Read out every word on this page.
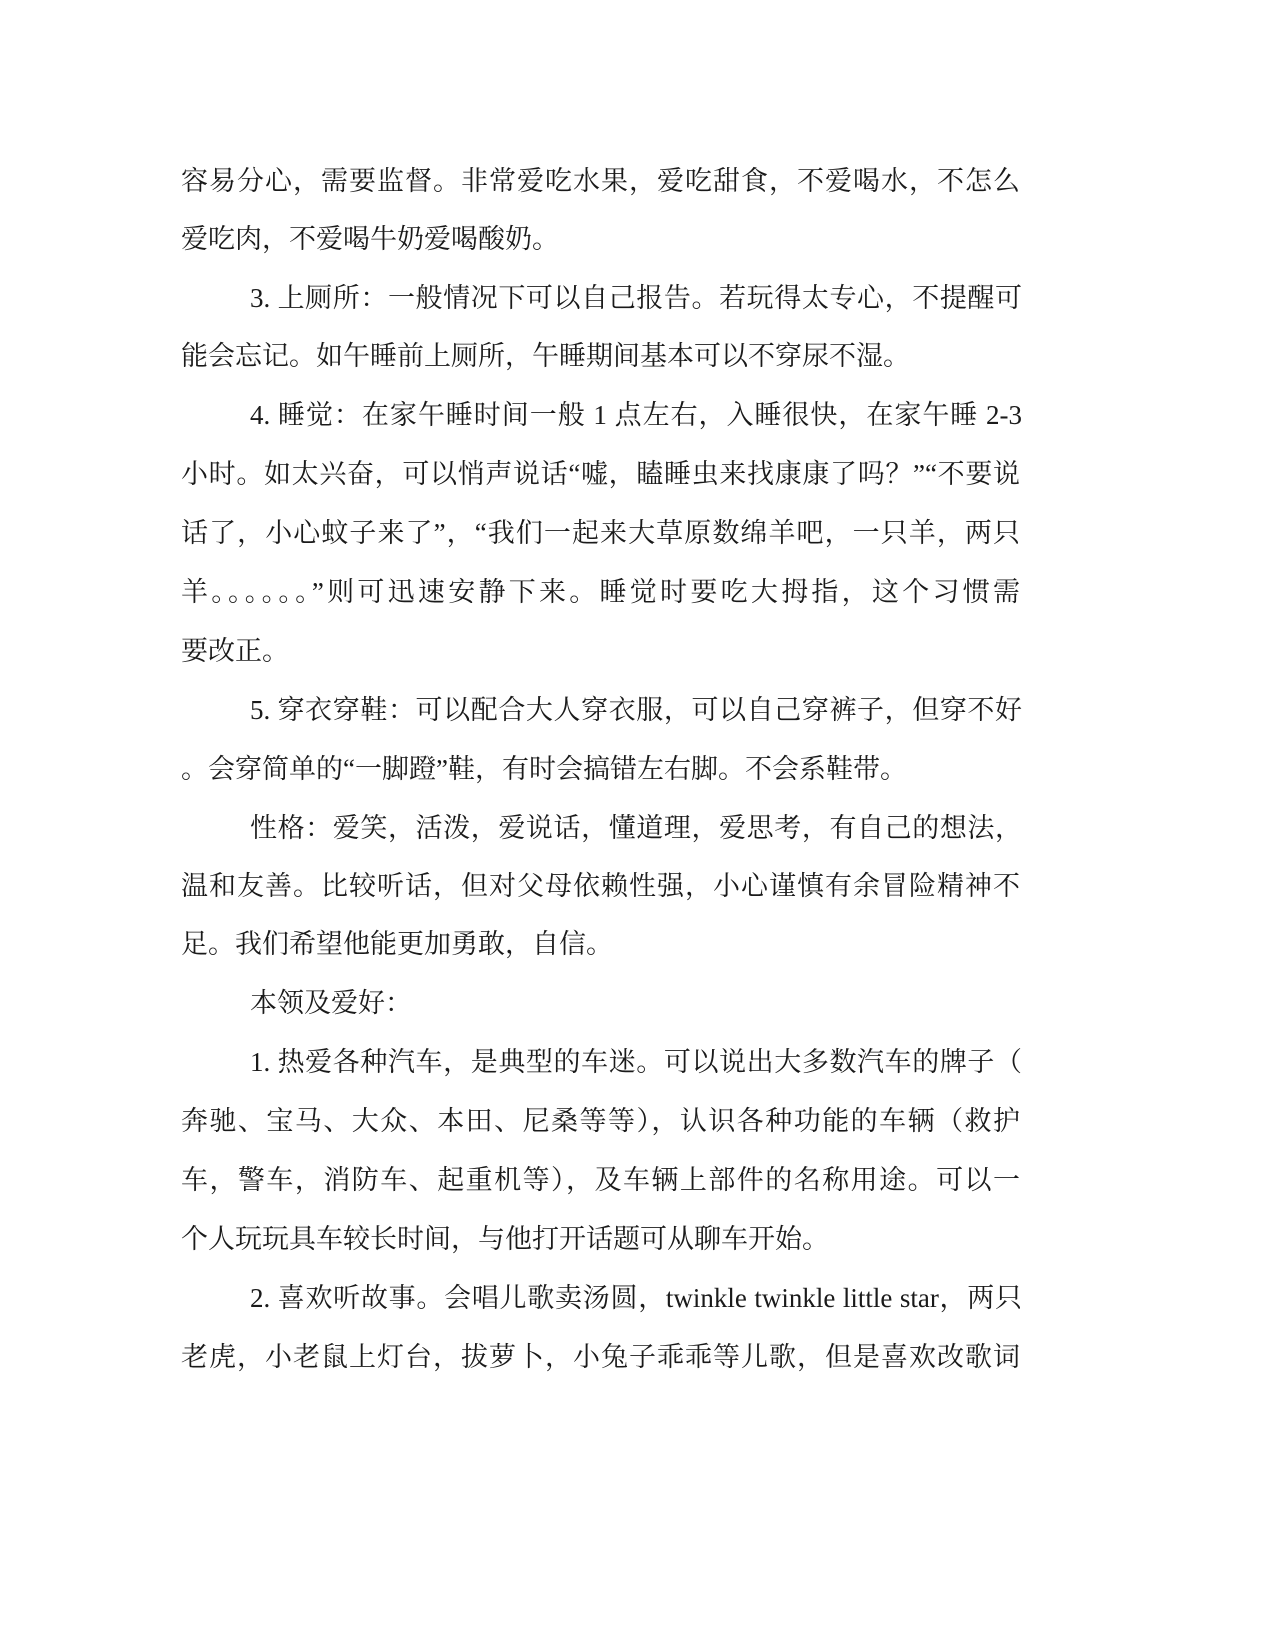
容易分心，需要监督。非常爱吃水果，爱吃甜食，不爱喝水，不怎么
爱吃肉，不爱喝牛奶爱喝酸奶。
3. 上厕所：一般情况下可以自己报告。若玩得太专心，不提醒可
能会忘记。如午睡前上厕所，午睡期间基本可以不穿尿不湿。
4. 睡觉：在家午睡时间一般 1 点左右，入睡很快，在家午睡 2-3
小时。如太兴奋，可以悄声说话“嘘，瞌睡虫来找康康了吗？”“不要说
话了，小心蚊子来了”，“我们一起来大草原数绵羊吧，一只羊，两只
羊。。。。。。”则可迅速安静下来。睡觉时要吃大拇指，这个习惯需
要改正。
5. 穿衣穿鞋：可以配合大人穿衣服，可以自己穿裤子，但穿不好
。会穿简单的“一脚蹬”鞋，有时会搞错左右脚。不会系鞋带。
性格：爱笑，活泼，爱说话，懂道理，爱思考，有自己的想法，
温和友善。比较听话，但对父母依赖性强，小心谨慎有余冒险精神不
足。我们希望他能更加勇敢，自信。
本领及爱好：
1. 热爱各种汽车，是典型的车迷。可以说出大多数汽车的牌子（
奔驰、宝马、大众、本田、尼桑等等），认识各种功能的车辆（救护
车，警车，消防车、起重机等），及车辆上部件的名称用途。可以一
个人玩玩具车较长时间，与他打开话题可从聊车开始。
2. 喜欢听故事。会唱儿歌卖汤圆，twinkle twinkle little star，两只
老虎，小老鼠上灯台，拔萝卜，小兔子乖乖等儿歌，但是喜欢改歌词
